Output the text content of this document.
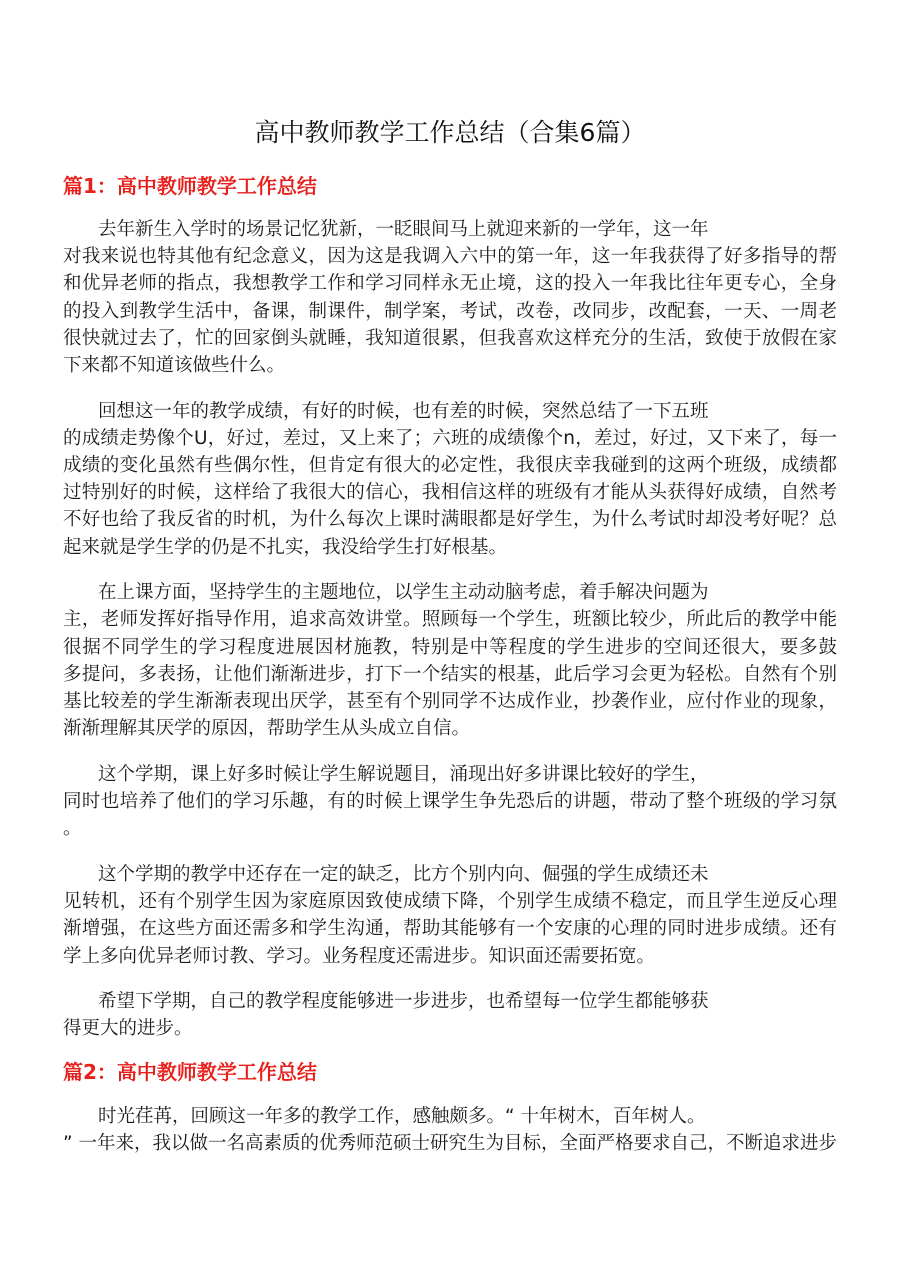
高中教师教学工作总结（合集6篇）
篇1：高中教师教学工作总结
去年新生入学时的场景记忆犹新，一眨眼间马上就迎来新的一学年，这一年
对我来说也特其他有纪念意义，因为这是我调入六中的第一年，这一年我获得了好多指导的帮
和优异老师的指点，我想教学工作和学习同样永无止境，这的投入一年我比往年更专心，全身
的投入到教学生活中，备课，制课件，制学案，考试，改卷，改同步，改配套，一天、一周老
很快就过去了，忙的回家倒头就睡，我知道很累，但我喜欢这样充分的生活，致使于放假在家
下来都不知道该做些什么。
回想这一年的教学成绩，有好的时候，也有差的时候，突然总结了一下五班
的成绩走势像个U，好过，差过，又上来了；六班的成绩像个n，差过，好过，又下来了，每一
成绩的变化虽然有些偶尔性，但肯定有很大的必定性，我很庆幸我碰到的这两个班级，成绩都
过特别好的时候，这样给了我很大的信心，我相信这样的班级有才能从头获得好成绩，自然考
不好也给了我反省的时机，为什么每次上课时满眼都是好学生，为什么考试时却没考好呢？总
起来就是学生学的仍是不扎实，我没给学生打好根基。
在上课方面，坚持学生的主题地位，以学生主动动脑考虑，着手解决问题为
主，老师发挥好指导作用，追求高效讲堂。照顾每一个学生，班额比较少，所此后的教学中能
很据不同学生的学习程度进展因材施教，特别是中等程度的学生进步的空间还很大，要多鼓
多提问，多表扬，让他们渐渐进步，打下一个结实的根基，此后学习会更为轻松。自然有个别
基比较差的学生渐渐表现出厌学，甚至有个别同学不达成作业，抄袭作业，应付作业的现象，
渐渐理解其厌学的原因，帮助学生从头成立自信。
这个学期，课上好多时候让学生解说题目，涌现出好多讲课比较好的学生，
同时也培养了他们的学习乐趣，有的时候上课学生争先恐后的讲题，带动了整个班级的学习氛
。
这个学期的教学中还存在一定的缺乏，比方个别内向、倔强的学生成绩还未
见转机，还有个别学生因为家庭原因致使成绩下降，个别学生成绩不稳定，而且学生逆反心理
渐增强，在这些方面还需多和学生沟通，帮助其能够有一个安康的心理的同时进步成绩。还有
学上多向优异老师讨教、学习。业务程度还需进步。知识面还需要拓宽。
希望下学期，自己的教学程度能够进一步进步，也希望每一位学生都能够获
得更大的进步。
篇2：高中教师教学工作总结
时光荏苒，回顾这一年多的教学工作，感触颇多。“ 十年树木，百年树人。
” 一年来，我以做一名高素质的优秀师范硕士研究生为目标，全面严格要求自己，不断追求进步
